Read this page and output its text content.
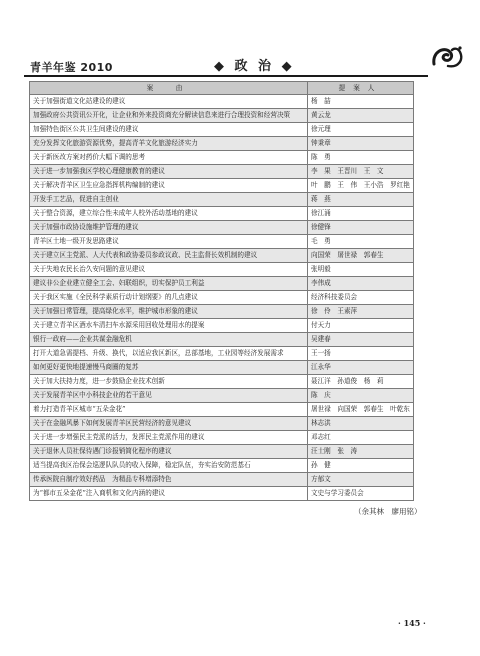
青羊年鉴 2010	◆ 政 治 ◆
案　由	提案人
关于加强街道文化站建设的建议	杨　喆
加强政府公共资讯公开化，让企业和外来投资商充分解读信息来进行合理投资和经营决策	黄云龙
加强特色街区公共卫生间建设的建议	徐元理
充分发挥文化旅游资源优势，提高青羊文化旅游经济实力	钟秉章
关于新医改方案对药价大幅下调的思考	陈　勇
关于进一步加强我区学校心理健康教育的建议	李　果　王晋川　王　文
关于解决青羊区卫生应急指挥机构编制的建议	叶　鹏　王　伟　王小浩　罗红艳
开发手工艺品，促进自主创业	蒋　燕
关于整合资源，建立综合性未成年人校外活动基地的建议	徐江涌
关于加强市政协设施维护管理的建议	徐健锋
青羊区土地一级开发思路建议	毛　勇
关于建立区主党派、人大代表和政协委员参政议政、民主监督长效机制的建议	向国荣　屠世禄　郭春生
关于失地农民长治久安问题的意见建议	张明毅
建议非公企业建立健全工会、妇联组织，切实保护员工利益	李伟成
关于我区实施《全民科学素质行动计划纲要》的几点建议	经济科技委员会
关于加强日常管理，提高绿化水平，维护城市形象的建议	徐　伶　王素萍
关于建立青羊区酒水车清扫车水源采用回收处理用水的提案	付天力
银行一政府——企业共谋金融危机	吴建春
打开大道急需提档、升级、换代，以适应我区新区，总部基地，工业园等经济发展需求	王一扬
如何更好更快地提速慢马商圈的复苏	江永华
关于加大扶持力度，进一步鼓励企业技术创新	聂江洋　孙道俊　杨　莉
关于发展青羊区中小科技企业的若干意见	陈　庆
着力打造青羊区城市“五朵金花”	屠世禄　向国荣　郭春生　叶乾东
关于在金融风暴下如何发展青羊区民营经济的意见建议	林志洪
关于进一步增强民主党派的活力，发挥民主党派作用的建议	邓志红
关于退休人员社保待遇门诊报销简化程序的建议	汪士刚　张　涛
适当提高我区治保会巡逻队队员的收入保障，稳定队伍，夯实治安防范基石	孙　健
传承医院自制疗效好药品　为精品专科增添特色	方郁文
为“都市五朵金花”注入商机和文化内涵的建议	文史与学习委员会
（余其林　廖用铭）
· 145 ·
